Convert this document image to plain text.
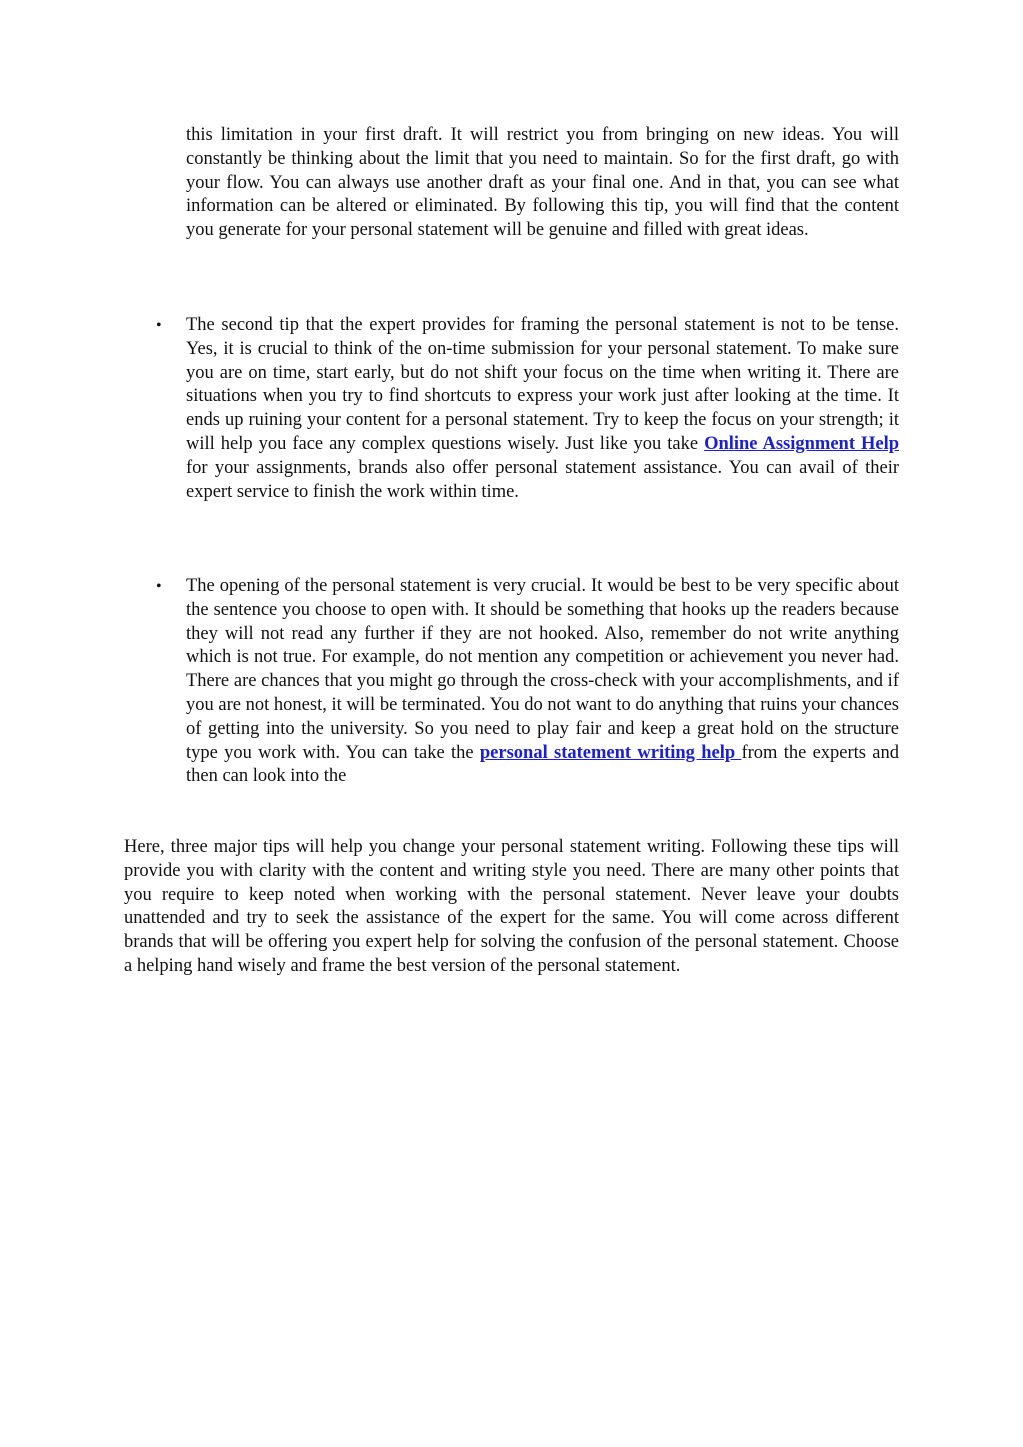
this limitation in your first draft. It will restrict you from bringing on new ideas. You will constantly be thinking about the limit that you need to maintain. So for the first draft, go with your flow. You can always use another draft as your final one. And in that, you can see what information can be altered or eliminated. By following this tip, you will find that the content you generate for your personal statement will be genuine and filled with great ideas.

• The second tip that the expert provides for framing the personal statement is not to be tense. Yes, it is crucial to think of the on-time submission for your personal statement. To make sure you are on time, start early, but do not shift your focus on the time when writing it. There are situations when you try to find shortcuts to express your work just after looking at the time. It ends up ruining your content for a personal statement. Try to keep the focus on your strength; it will help you face any complex questions wisely. Just like you take Online Assignment Help for your assignments, brands also offer personal statement assistance. You can avail of their expert service to finish the work within time.
• The opening of the personal statement is very crucial. It would be best to be very specific about the sentence you choose to open with. It should be something that hooks up the readers because they will not read any further if they are not hooked. Also, remember do not write anything which is not true. For example, do not mention any competition or achievement you never had. There are chances that you might go through the cross-check with your accomplishments, and if you are not honest, it will be terminated. You do not want to do anything that ruins your chances of getting into the university. So you need to play fair and keep a great hold on the structure type you work with. You can take the personal statement writing help from the experts and then can look into the

Here, three major tips will help you change your personal statement writing. Following these tips will provide you with clarity with the content and writing style you need. There are many other points that you require to keep noted when working with the personal statement. Never leave your doubts unattended and try to seek the assistance of the expert for the same. You will come across different brands that will be offering you expert help for solving the confusion of the personal statement. Choose a helping hand wisely and frame the best version of the personal statement.
